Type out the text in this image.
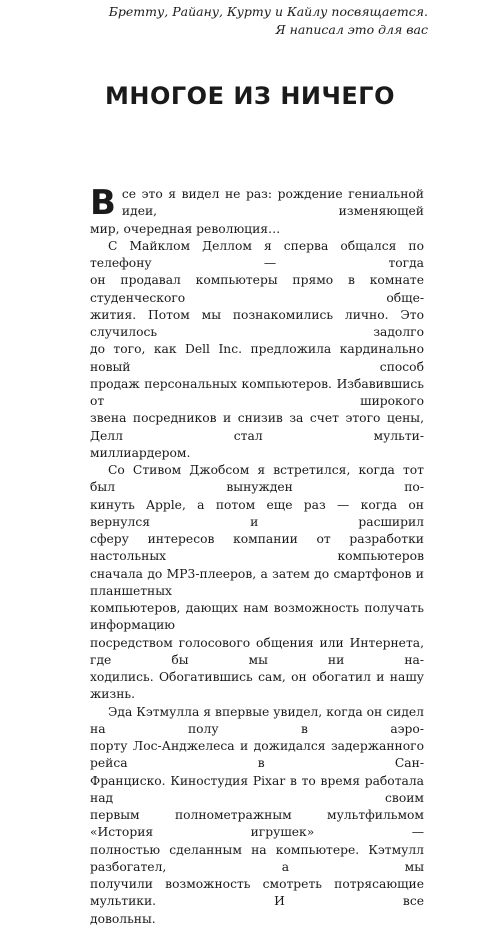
Бретту, Райану, Курту и Кайлу посвящается.
Я написал это для вас
МНОГОЕ ИЗ НИЧЕГО

В се это я видел не раз: рождение гениальной идеи, изменяющей
мир, очередная революция…

С Майклом Деллом я сперва общался по телефону — тогда
он продавал компьютеры прямо в комнате студенческого обще-
жития. Потом мы познакомились лично. Это случилось задолго
до того, как Dell Inc. предложила кардинально новый способ
продаж персональных компьютеров. Избавившись от широкого
звена посредников и снизив за счет этого цены, Делл стал мульти-
миллиардером.

Со Стивом Джобсом я встретился, когда тот был вынужден по-
кинуть Apple, а потом еще раз — когда он вернулся и расширил
сферу интересов компании от разработки настольных компьютеров
сначала до МР3-плееров, а затем до смартфонов и планшетных
компьютеров, дающих нам возможность получать информацию
посредством голосового общения или Интернета, где бы мы ни на-
ходились. Обогатившись сам, он обогатил и нашу жизнь.

Эда Кэтмулла я впервые увидел, когда он сидел на полу в аэро-
порту Лос-Анджелеса и дожидался задержанного рейса в Сан-
Франциско. Киностудия Pixar в то время работала над своим
первым полнометражным мультфильмом «История игрушек» —
полностью сделанным на компьютере. Кэтмулл разбогател, а мы
получили возможность смотреть потрясающие мультики. И все
довольны.
